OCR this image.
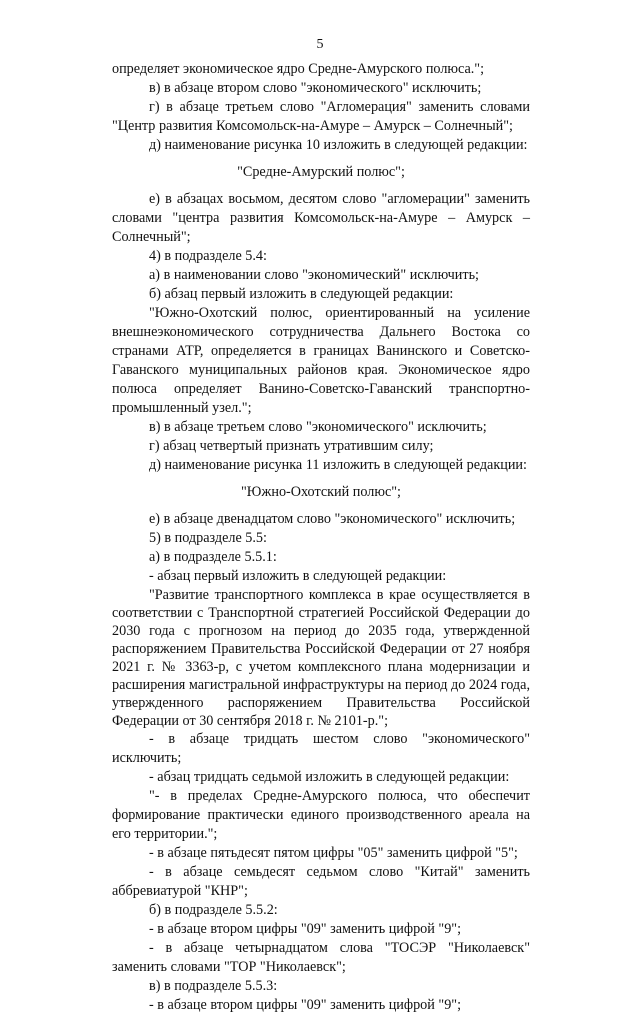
5

определяет экономическое ядро Средне-Амурского полюса.";

в) в абзаце втором слово "экономического" исключить;

г) в абзаце третьем слово "Агломерация" заменить словами "Центр развития Комсомольск-на-Амуре – Амурск – Солнечный";

д) наименование рисунка 10 изложить в следующей редакции:

"Средне-Амурский полюс";

е) в абзацах восьмом, десятом слово "агломерации" заменить словами "центра развития Комсомольск-на-Амуре – Амурск – Солнечный";

4) в подразделе 5.4:

а) в наименовании слово "экономический" исключить;

б) абзац первый изложить в следующей редакции:

"Южно-Охотский полюс, ориентированный на усиление внешнеэкономического сотрудничества Дальнего Востока со странами АТР, определяется в границах Ванинского и Советско-Гаванского муниципальных районов края. Экономическое ядро полюса определяет Ванино-Советско-Гаванский транспортно-промышленный узел.";

в) в абзаце третьем слово "экономического" исключить;

г) абзац четвертый признать утратившим силу;

д) наименование рисунка 11 изложить в следующей редакции:

"Южно-Охотский полюс";

е) в абзаце двенадцатом слово "экономического" исключить;

5) в подразделе 5.5:

а) в подразделе 5.5.1:

- абзац первый изложить в следующей редакции:

"Развитие транспортного комплекса в крае осуществляется в соответствии с Транспортной стратегией Российской Федерации до 2030 года с прогнозом на период до 2035 года, утвержденной распоряжением Правительства Российской Федерации от 27 ноября 2021 г. № 3363-р, с учетом комплексного плана модернизации и расширения магистральной инфраструктуры на период до 2024 года, утвержденного распоряжением Правительства Российской Федерации от 30 сентября 2018 г. № 2101-р.";

- в абзаце тридцать шестом слово "экономического" исключить;

- абзац тридцать седьмой изложить в следующей редакции:

"- в пределах Средне-Амурского полюса, что обеспечит формирование практически единого производственного ареала на его территории.";

- в абзаце пятьдесят пятом цифры "05" заменить цифрой "5";

- в абзаце семьдесят седьмом слово "Китай" заменить аббревиатурой "КНР";

б) в подразделе 5.5.2:

- в абзаце втором цифры "09" заменить цифрой "9";

- в абзаце четырнадцатом слова "ТОСЭР "Николаевск" заменить словами "ТОР "Николаевск";

в) в подразделе 5.5.3:

- в абзаце втором цифры "09" заменить цифрой "9";
